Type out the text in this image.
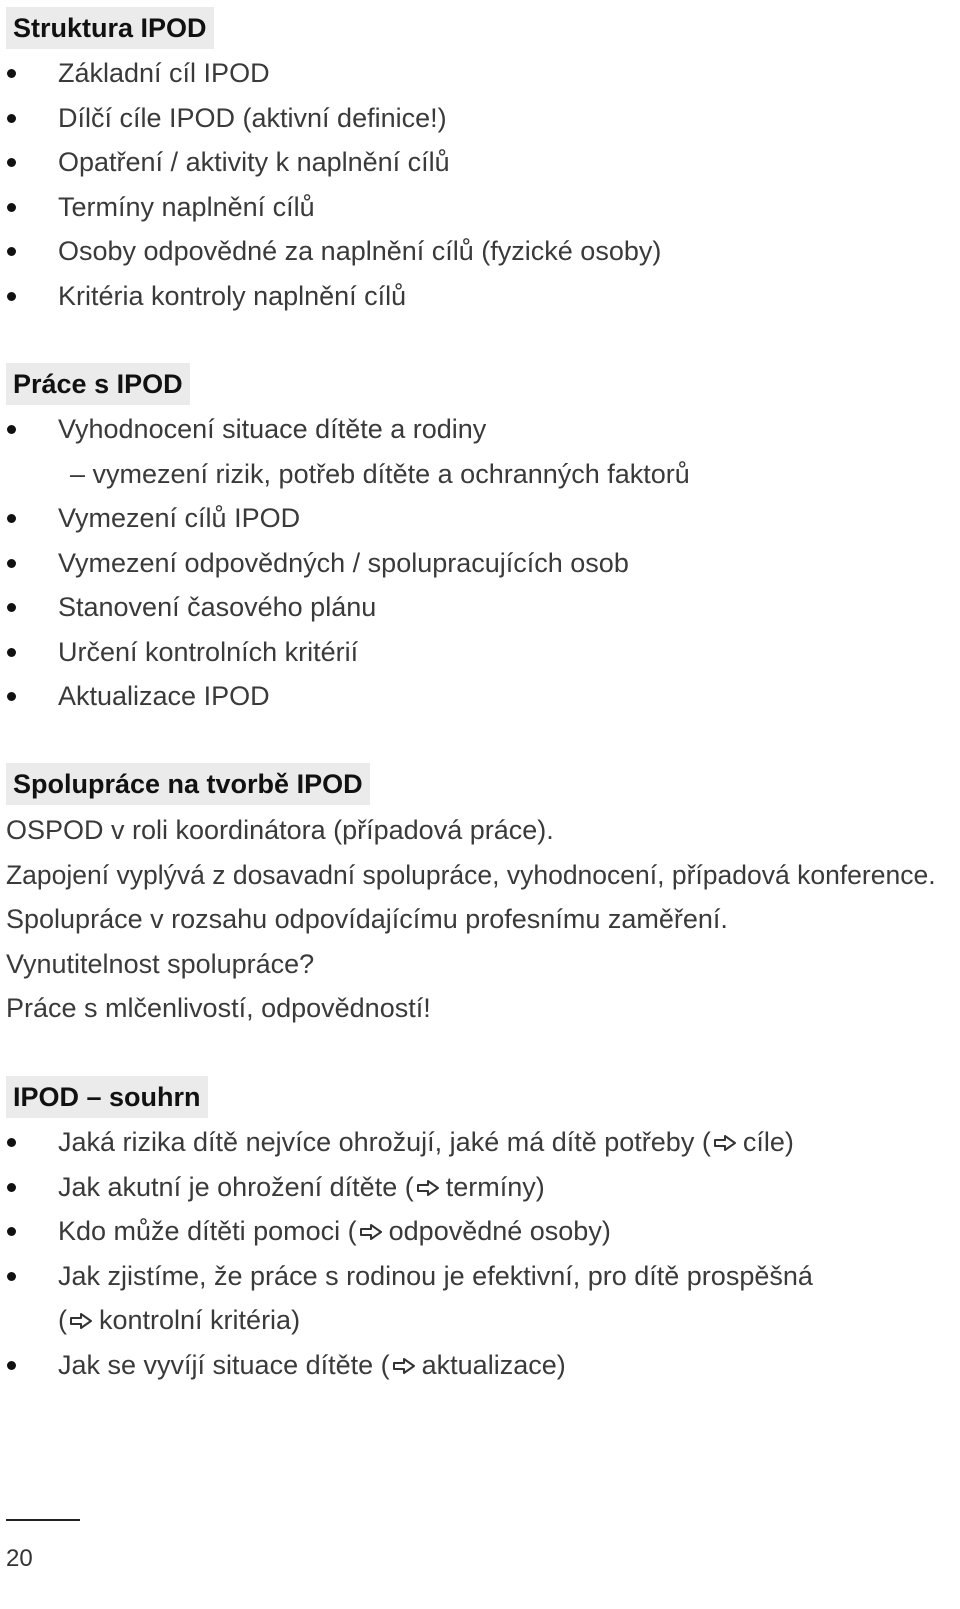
Struktura IPOD
Základní cíl IPOD
Dílčí cíle IPOD (aktivní definice!)
Opatření / aktivity k naplnění cílů
Termíny naplnění cílů
Osoby odpovědné za naplnění cílů (fyzické osoby)
Kritéria kontroly naplnění cílů
Práce s IPOD
Vyhodnocení situace dítěte a rodiny
– vymezení rizik, potřeb dítěte a ochranných faktorů
Vymezení cílů IPOD
Vymezení odpovědných / spolupracujících osob
Stanovení časového plánu
Určení kontrolních kritérií
Aktualizace IPOD
Spolupráce na tvorbě IPOD
OSPOD v roli koordinátora (případová práce).
Zapojení vyplývá z dosavadní spolupráce, vyhodnocení, případová konference.
Spolupráce v rozsahu odpovídajícímu profesnímu zaměření.
Vynutitelnost spolupráce?
Práce s mlčenlivostí, odpovědností!
IPOD – souhrn
Jaká rizika dítě nejvíce ohrožují, jaké má dítě potřeby ( cíle)
Jak akutní je ohrožení dítěte ( termíny)
Kdo může dítěti pomoci ( odpovědné osoby)
Jak zjistíme, že práce s rodinou je efektivní, pro dítě prospěšná
( kontrolní kritéria)
Jak se vyvíjí situace dítěte ( aktualizace)
20
